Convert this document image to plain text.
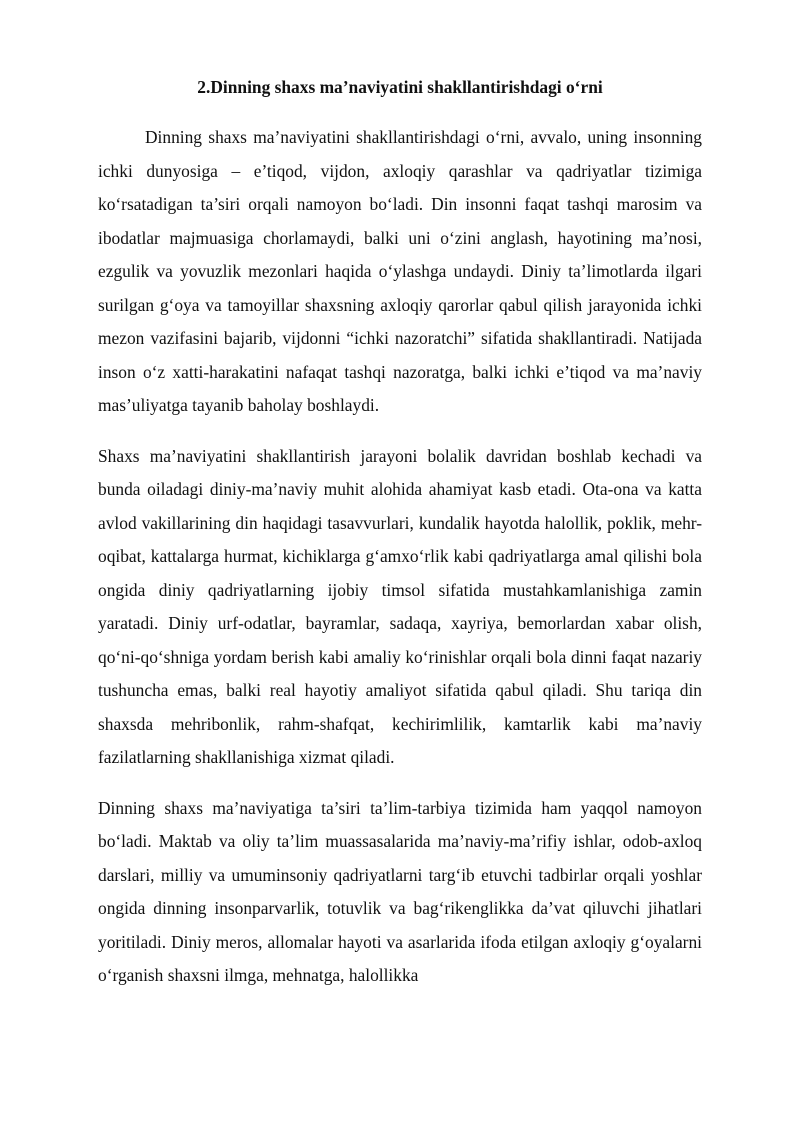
2.Dinning shaxs ma’naviyatini shakllantirishdagi o‘rni

Dinning shaxs ma’naviyatini shakllantirishdagi o‘rni, avvalo, uning insonning ichki dunyosiga – e’tiqod, vijdon, axloqiy qarashlar va qadriyatlar tizimiga ko‘rsatadigan ta’siri orqali namoyon bo‘ladi. Din insonni faqat tashqi marosim va ibodatlar majmuasiga chorlamaydi, balki uni o‘zini anglash, hayotining ma’nosi, ezgulik va yovuzlik mezonlari haqida o‘ylashga undaydi. Diniy ta’limotlarda ilgari surilgan g‘oya va tamoyillar shaxsning axloqiy qarorlar qabul qilish jarayonida ichki mezon vazifasini bajarib, vijdonni “ichki nazoratchi” sifatida shakllantiradi. Natijada inson o‘z xatti-harakatini nafaqat tashqi nazoratga, balki ichki e’tiqod va ma’naviy mas’uliyatga tayanib baholay boshlaydi.

Shaxs ma’naviyatini shakllantirish jarayoni bolalik davridan boshlab kechadi va bunda oiladagi diniy-ma’naviy muhit alohida ahamiyat kasb etadi. Ota-ona va katta avlod vakillarining din haqidagi tasavvurlari, kundalik hayotda halollik, poklik, mehr-oqibat, kattalarga hurmat, kichiklarga g‘amxo‘rlik kabi qadriyatlarga amal qilishi bola ongida diniy qadriyatlarning ijobiy timsol sifatida mustahkamlanishiga zamin yaratadi. Diniy urf-odatlar, bayramlar, sadaqa, xayriya, bemorlardan xabar olish, qo‘ni-qo‘shniga yordam berish kabi amaliy ko‘rinishlar orqali bola dinni faqat nazariy tushuncha emas, balki real hayotiy amaliyot sifatida qabul qiladi. Shu tariqa din shaxsda mehribonlik, rahm-shafqat, kechirimlilik, kamtarlik kabi ma’naviy fazilatlarning shakllanishiga xizmat qiladi.

Dinning shaxs ma’naviyatiga ta’siri ta’lim-tarbiya tizimida ham yaqqol namoyon bo‘ladi. Maktab va oliy ta’lim muassasalarida ma’naviy-ma’rifiy ishlar, odob-axloq darslari, milliy va umuminsoniy qadriyatlarni targ‘ib etuvchi tadbirlar orqali yoshlar ongida dinning insonparvarlik, totuvlik va bag‘rikenglikka da’vat qiluvchi jihatlari yoritiladi. Diniy meros, allomalar hayoti va asarlarida ifoda etilgan axloqiy g‘oyalarni o‘rganish shaxsni ilmga, mehnatga, halollikka
